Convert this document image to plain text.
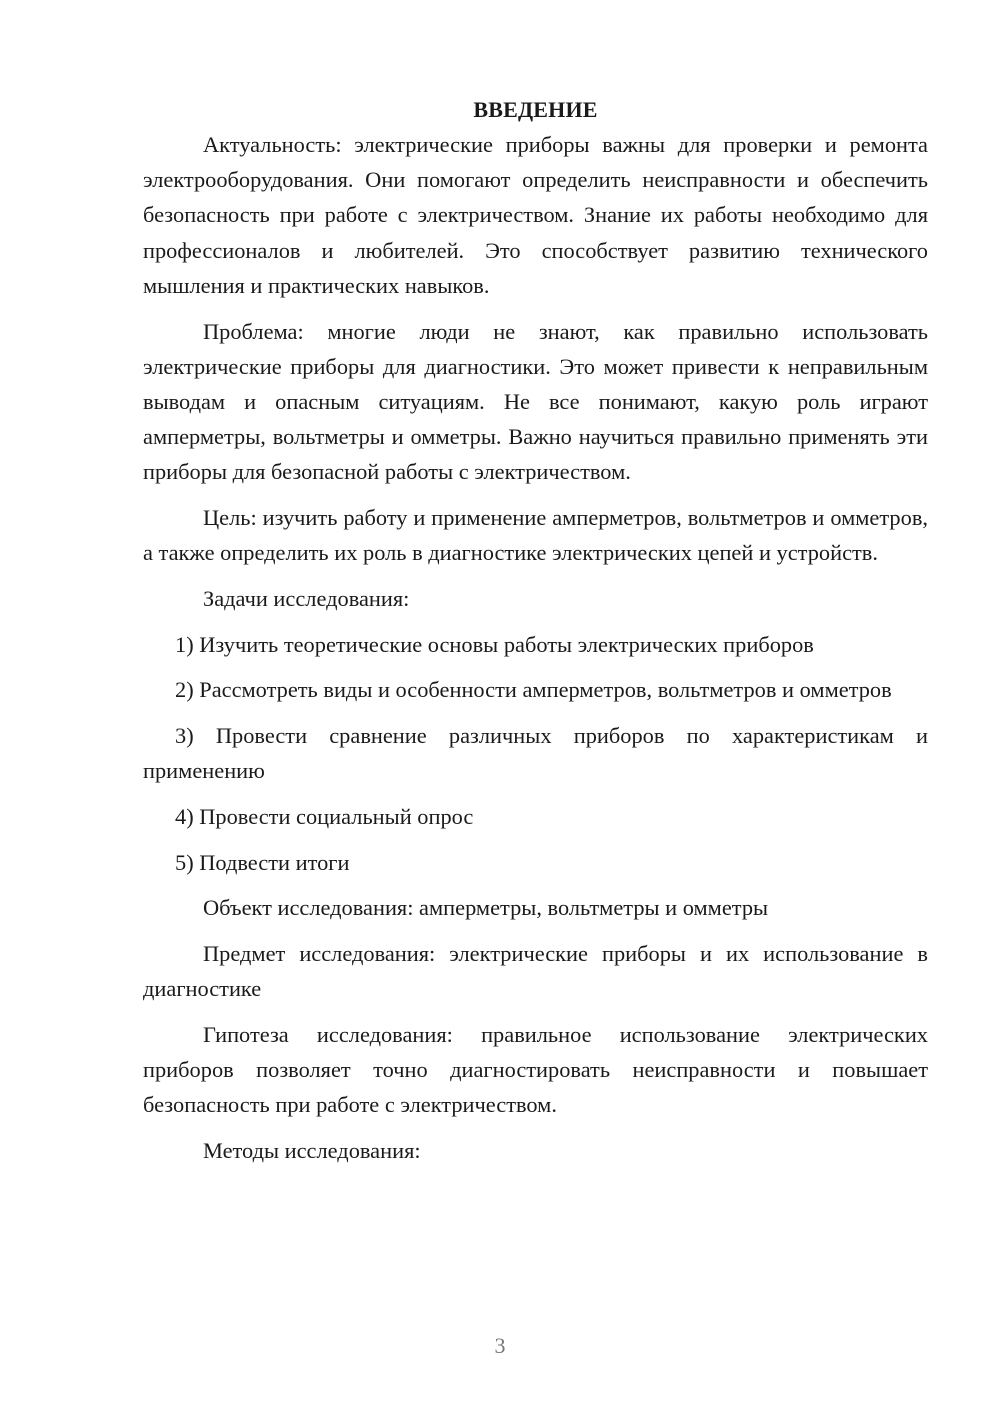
ВВЕДЕНИЕ

Актуальность: электрические приборы важны для проверки и ремонта электрооборудования. Они помогают определить неисправности и обеспечить безопасность при работе с электричеством. Знание их работы необходимо для профессионалов и любителей. Это способствует развитию технического мышления и практических навыков.

Проблема: многие люди не знают, как правильно использовать электрические приборы для диагностики. Это может привести к неправильным выводам и опасным ситуациям. Не все понимают, какую роль играют амперметры, вольтметры и омметры. Важно научиться правильно применять эти приборы для безопасной работы с электричеством.

Цель: изучить работу и применение амперметров, вольтметров и омметров, а также определить их роль в диагностике электрических цепей и устройств.

Задачи исследования:

1) Изучить теоретические основы работы электрических приборов

2) Рассмотреть виды и особенности амперметров, вольтметров и омметров

3) Провести сравнение различных приборов по характеристикам и применению

4) Провести социальный опрос

5) Подвести итоги

Объект исследования: амперметры, вольтметры и омметры

Предмет исследования: электрические приборы и их использование в диагностике

Гипотеза исследования: правильное использование электрических приборов позволяет точно диагностировать неисправности и повышает безопасность при работе с электричеством.

Методы исследования:

3
